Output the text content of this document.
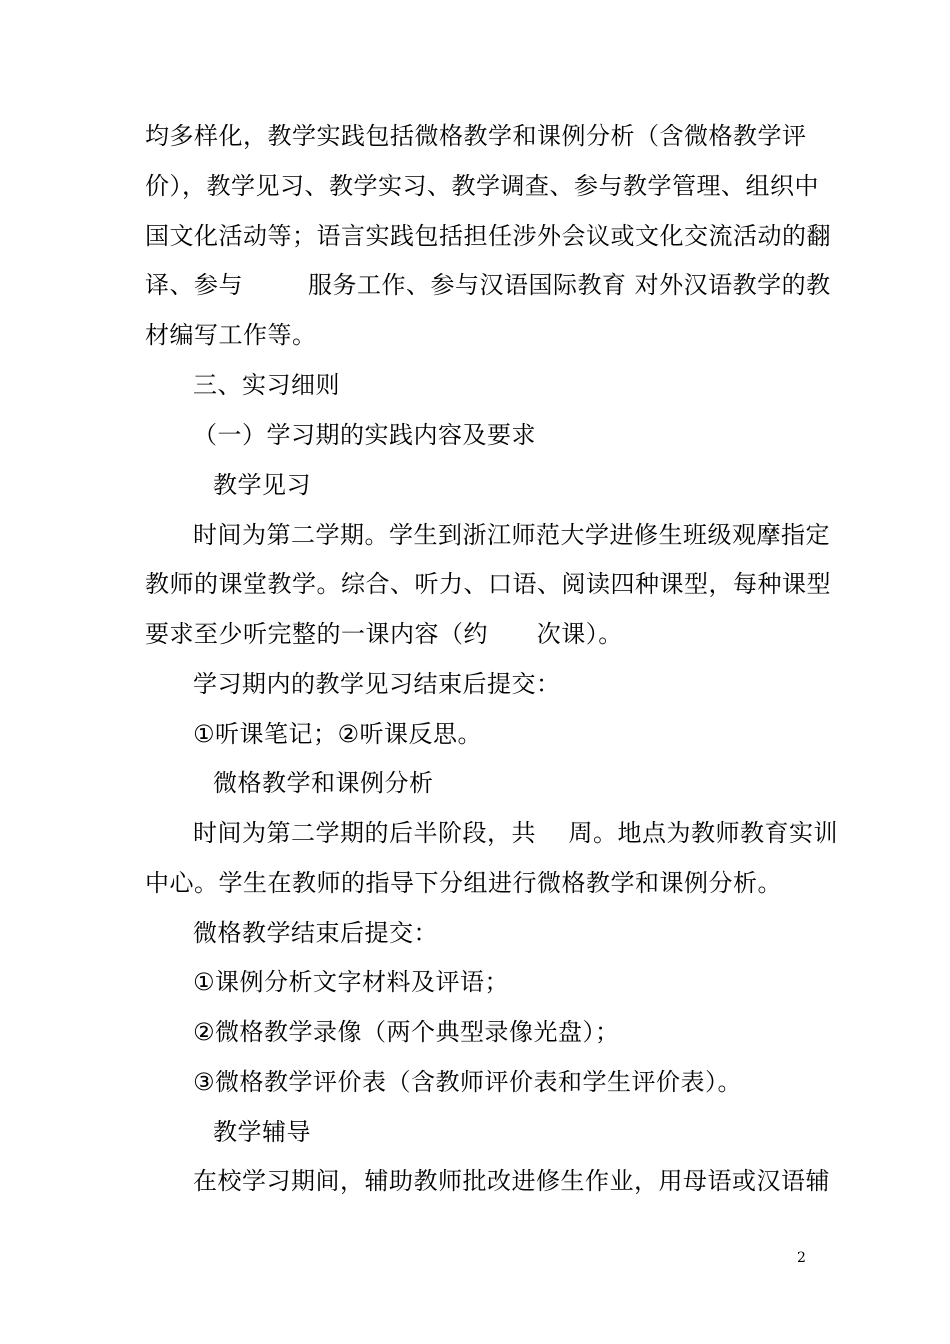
均多样化，教学实践包括微格教学和课例分析（含微格教学评
价），教学见习、教学实习、教学调查、参与教学管理、组织中
国文化活动等；语言实践包括担任涉外会议或文化交流活动的翻
译、参与        服务工作、参与汉语国际教育 对外汉语教学的教
材编写工作等。
三、实习细则
（一）学习期的实践内容及要求
教学见习
时间为第二学期。学生到浙江师范大学进修生班级观摩指定
教师的课堂教学。综合、听力、口语、阅读四种课型，每种课型
要求至少听完整的一课内容（约      次课）。
学习期内的教学见习结束后提交：
①听课笔记；②听课反思。
微格教学和课例分析
时间为第二学期的后半阶段，共    周。地点为教师教育实训
中心。学生在教师的指导下分组进行微格教学和课例分析。
微格教学结束后提交：
①课例分析文字材料及评语；
②微格教学录像（两个典型录像光盘）；
③微格教学评价表（含教师评价表和学生评价表）。
教学辅导
在校学习期间，辅助教师批改进修生作业，用母语或汉语辅
2
